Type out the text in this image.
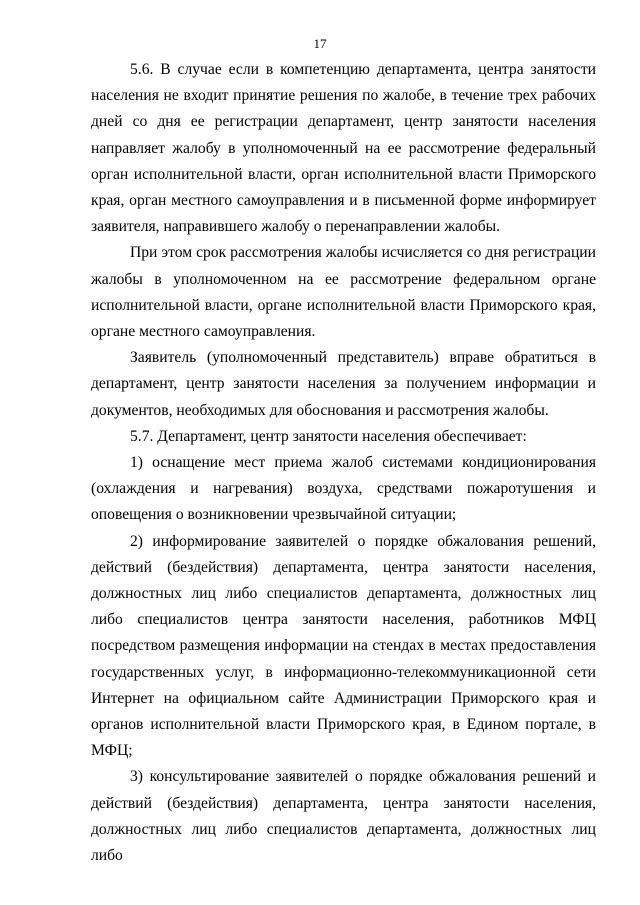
17

5.6. В случае если в компетенцию департамента, центра занятости населения не входит принятие решения по жалобе, в течение трех рабочих дней со дня ее регистрации департамент, центр занятости населения направляет жалобу в уполномоченный на ее рассмотрение федеральный орган исполнительной власти, орган исполнительной власти Приморского края, орган местного самоуправления и в письменной форме информирует заявителя, направившего жалобу о перенаправлении жалобы.

При этом срок рассмотрения жалобы исчисляется со дня регистрации жалобы в уполномоченном на ее рассмотрение федеральном органе исполнительной власти, органе исполнительной власти Приморского края, органе местного самоуправления.

Заявитель (уполномоченный представитель) вправе обратиться в департамент, центр занятости населения за получением информации и документов, необходимых для обоснования и рассмотрения жалобы.

5.7. Департамент, центр занятости населения обеспечивает:

1) оснащение мест приема жалоб системами кондиционирования (охлаждения и нагревания) воздуха, средствами пожаротушения и оповещения о возникновении чрезвычайной ситуации;

2) информирование заявителей о порядке обжалования решений, действий (бездействия) департамента, центра занятости населения, должностных лиц либо специалистов департамента, должностных лиц либо специалистов центра занятости населения, работников МФЦ посредством размещения информации на стендах в местах предоставления государственных услуг, в информационно-телекоммуникационной сети Интернет на официальном сайте Администрации Приморского края и органов исполнительной власти Приморского края, в Едином портале, в МФЦ;

3) консультирование заявителей о порядке обжалования решений и действий (бездействия) департамента, центра занятости населения, должностных лиц либо специалистов департамента, должностных лиц либо
